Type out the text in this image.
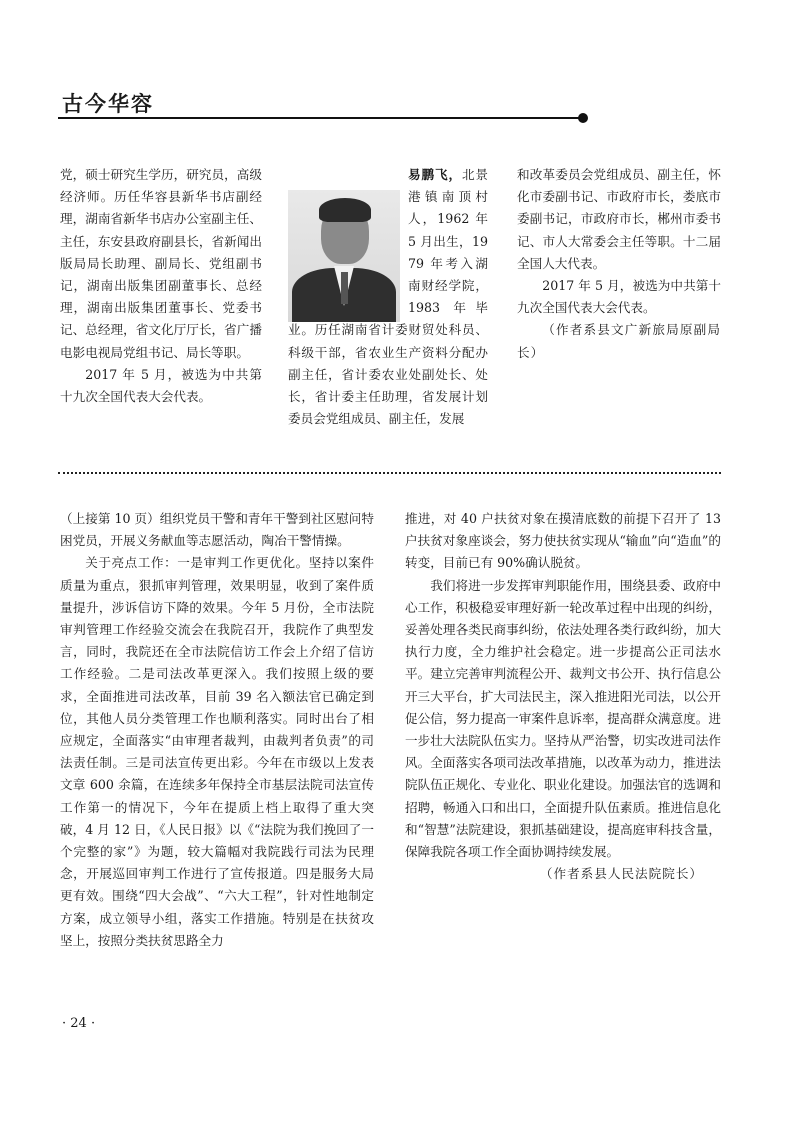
古今华容

党，硕士研究生学历，研究员，高级经济师。历任华容县新华书店副经理，湖南省新华书店办公室副主任、主任，东安县政府副县长，省新闻出版局局长助理、副局长、党组副书记，湖南出版集团副董事长、总经理，湖南出版集团董事长、党委书记、总经理，省文化厅厅长，省广播电影电视局党组书记、局长等职。

2017 年 5 月，被选为中共第十九次全国代表大会代表。

易鹏飞，北景港镇南顶村人，1962 年 5 月出生，1979 年考入湖南财经学院，1983 年毕业。历任湖南省计委财贸处科员、科级干部，省农业生产资料分配办副主任，省计委农业处副处长、处长，省计委主任助理，省发展计划委员会党组成员、副主任，发展

和改革委员会党组成员、副主任，怀化市委副书记、市政府市长，娄底市委副书记，市政府市长，郴州市委书记、市人大常委会主任等职。十二届全国人大代表。

2017 年 5 月，被选为中共第十九次全国代表大会代表。

（作者系县文广新旅局原副局长）

（上接第 10 页）组织党员干警和青年干警到社区慰问特困党员，开展义务献血等志愿活动，陶冶干警情操。

关于亮点工作：一是审判工作更优化。坚持以案件质量为重点，狠抓审判管理，效果明显，收到了案件质量提升，涉诉信访下降的效果。今年 5 月份，全市法院审判管理工作经验交流会在我院召开，我院作了典型发言，同时，我院还在全市法院信访工作会上介绍了信访工作经验。二是司法改革更深入。我们按照上级的要求，全面推进司法改革，目前 39 名入额法官已确定到位，其他人员分类管理工作也顺利落实。同时出台了相应规定，全面落实“由审理者裁判，由裁判者负责”的司法责任制。三是司法宣传更出彩。今年在市级以上发表文章 600 余篇，在连续多年保持全市基层法院司法宣传工作第一的情况下，今年在提质上档上取得了重大突破，4 月 12 日，《人民日报》以《“法院为我们挽回了一个完整的家”》为题，较大篇幅对我院践行司法为民理念，开展巡回审判工作进行了宣传报道。四是服务大局更有效。围绕“四大会战”、“六大工程”，针对性地制定方案，成立领导小组，落实工作措施。特别是在扶贫攻坚上，按照分类扶贫思路全力

推进，对 40 户扶贫对象在摸清底数的前提下召开了 13 户扶贫对象座谈会，努力使扶贫实现从“输血”向“造血”的转变，目前已有 90%确认脱贫。

我们将进一步发挥审判职能作用，围绕县委、政府中心工作，积极稳妥审理好新一轮改革过程中出现的纠纷，妥善处理各类民商事纠纷，依法处理各类行政纠纷，加大执行力度，全力维护社会稳定。进一步提高公正司法水平。建立完善审判流程公开、裁判文书公开、执行信息公开三大平台，扩大司法民主，深入推进阳光司法，以公开促公信，努力提高一审案件息诉率，提高群众满意度。进一步壮大法院队伍实力。坚持从严治警，切实改进司法作风。全面落实各项司法改革措施，以改革为动力，推进法院队伍正规化、专业化、职业化建设。加强法官的选调和招聘，畅通入口和出口，全面提升队伍素质。推进信息化和“智慧”法院建设，狠抓基础建设，提高庭审科技含量，保障我院各项工作全面协调持续发展。

（作者系县人民法院院长）

· 24 ·
